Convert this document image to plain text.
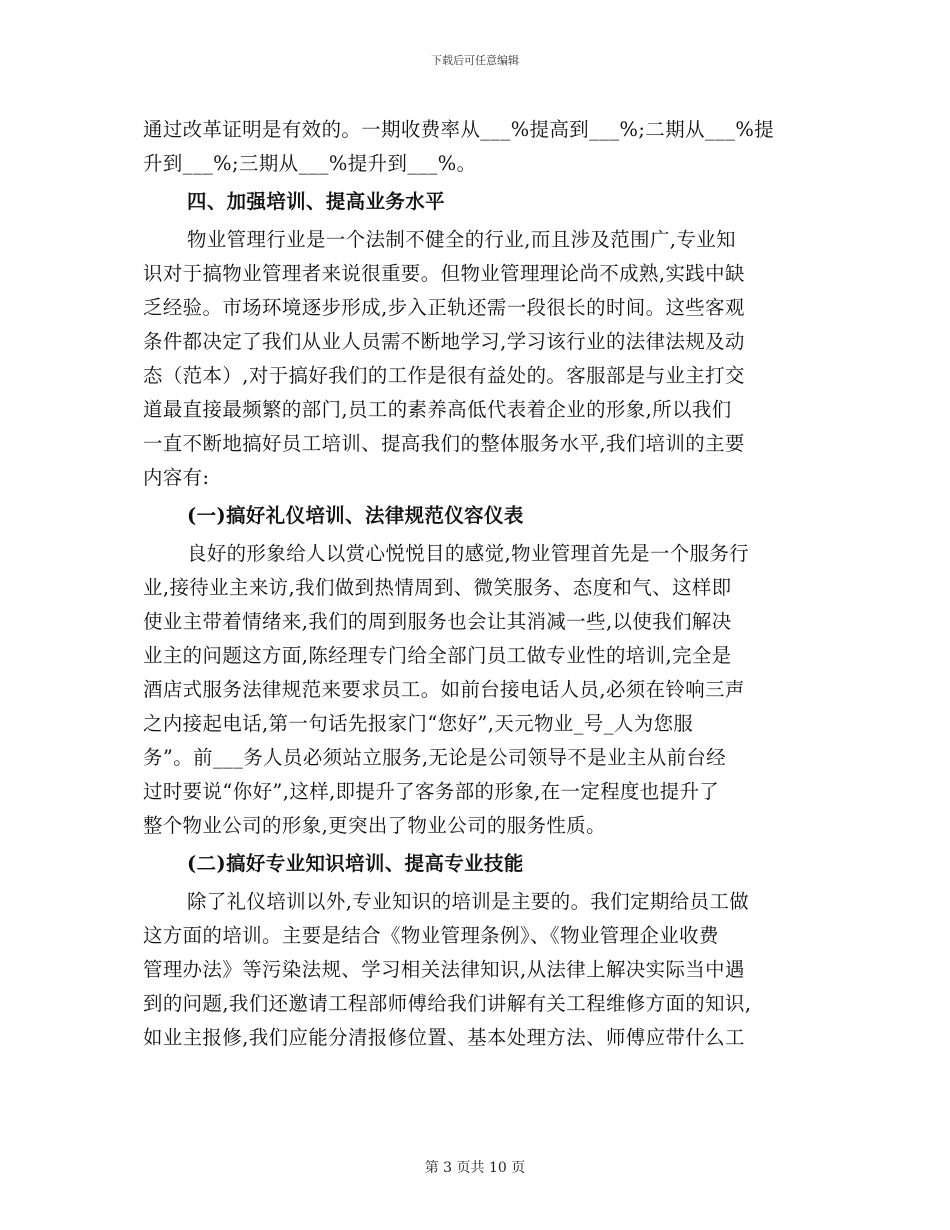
下载后可任意编辑
通过改革证明是有效的。一期收费率从___%提高到___%;二期从___%提
升到___%;三期从___%提升到___%。
四、加强培训、提高业务水平
物业管理行业是一个法制不健全的行业,而且涉及范围广,专业知
识对于搞物业管理者来说很重要。但物业管理理论尚不成熟,实践中缺
乏经验。市场环境逐步形成,步入正轨还需一段很长的时间。这些客观
条件都决定了我们从业人员需不断地学习,学习该行业的法律法规及动
态（范本）,对于搞好我们的工作是很有益处的。客服部是与业主打交
道最直接最频繁的部门,员工的素养高低代表着企业的形象,所以我们
一直不断地搞好员工培训、提高我们的整体服务水平,我们培训的主要
内容有:
(一)搞好礼仪培训、法律规范仪容仪表
良好的形象给人以赏心悦悦目的感觉,物业管理首先是一个服务行
业,接待业主来访,我们做到热情周到、微笑服务、态度和气、这样即
使业主带着情绪来,我们的周到服务也会让其消减一些,以使我们解决
业主的问题这方面,陈经理专门给全部门员工做专业性的培训,完全是
酒店式服务法律规范来要求员工。如前台接电话人员,必须在铃响三声
之内接起电话,第一句话先报家门“您好”,天元物业_号_人为您服
务”。前___务人员必须站立服务,无论是公司领导不是业主从前台经
过时要说“你好”,这样,即提升了客务部的形象,在一定程度也提升了
整个物业公司的形象,更突出了物业公司的服务性质。
(二)搞好专业知识培训、提高专业技能
除了礼仪培训以外,专业知识的培训是主要的。我们定期给员工做
这方面的培训。主要是结合《物业管理条例》、《物业管理企业收费
管理办法》等污染法规、学习相关法律知识,从法律上解决实际当中遇
到的问题,我们还邀请工程部师傅给我们讲解有关工程维修方面的知识,
如业主报修,我们应能分清报修位置、基本处理方法、师傅应带什么工
第 3 页共 10 页
